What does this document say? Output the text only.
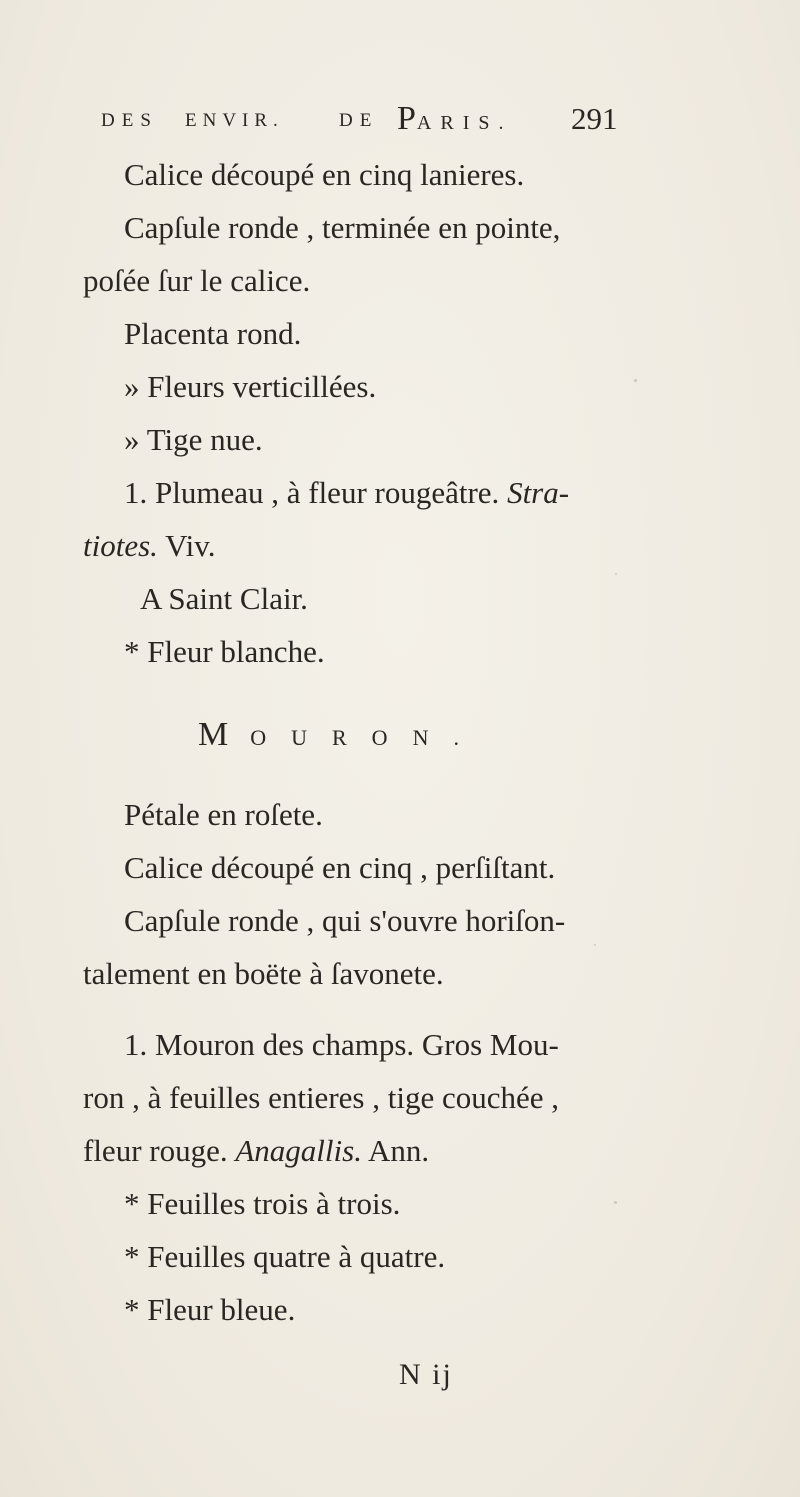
DES ENVIR.	DE PARIS. 291
Calice découpé en cinq lanieres.
Capſule ronde , terminée en pointe,
poſée ſur le calice.
Placenta rond.
» Fleurs verticillées.
» Tige nue.
1. Plumeau , à fleur rougeâtre. Stra-
tiotes. Viv.
A Saint Clair.
* Fleur blanche.
M OURON.
Pétale en roſete.
Calice découpé en cinq , perſiſtant.
Capſule ronde , qui s'ouvre horiſon-
talement en boëte à ſavonete.
1. Mouron des champs. Gros Mou-
ron , à feuilles entieres , tige couchée ,
fleur rouge. Anagallis. Ann.
* Feuilles trois à trois.
* Feuilles quatre à quatre.
* Fleur bleue.
N ij
